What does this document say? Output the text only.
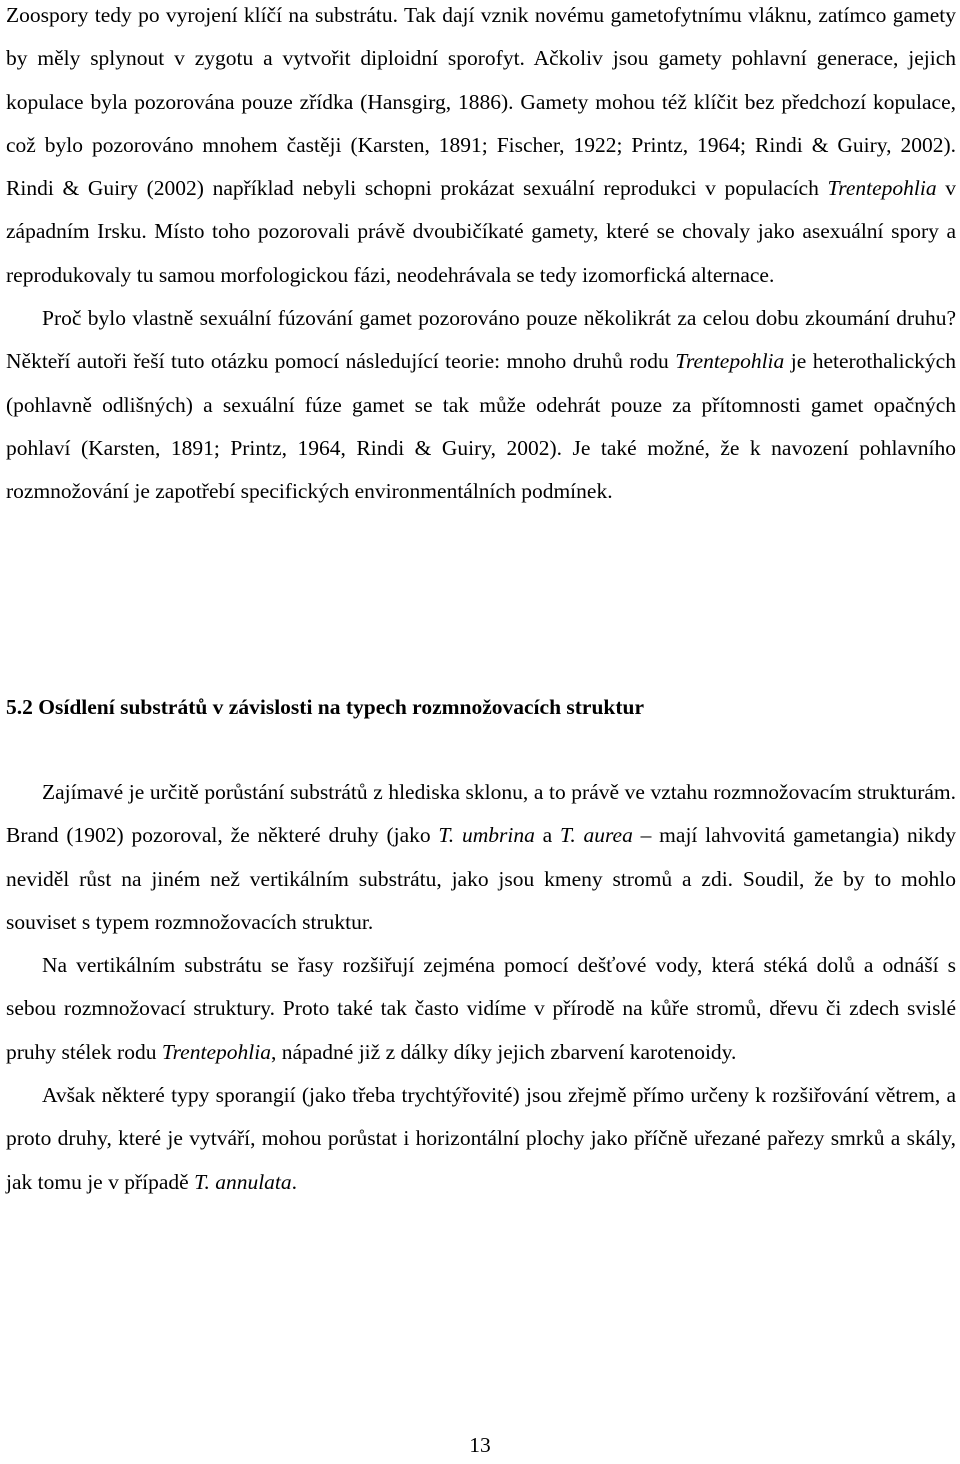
Zoospory tedy po vyrojení klíčí na substrátu. Tak dají vznik novému gametofytnímu vláknu, zatímco gamety by měly splynout v zygotu a vytvořit diploidní sporofyt. Ačkoliv jsou gamety pohlavní generace, jejich kopulace byla pozorována pouze zřídka (Hansgirg, 1886). Gamety mohou též klíčit bez předchozí kopulace, což bylo pozorováno mnohem častěji (Karsten, 1891; Fischer, 1922; Printz, 1964; Rindi & Guiry, 2002). Rindi & Guiry (2002) například nebyli schopni prokázat sexuální reprodukci v populacích Trentepohlia v západním Irsku. Místo toho pozorovali právě dvoubičíkaté gamety, které se chovaly jako asexuální spory a reprodukovaly tu samou morfologickou fázi, neodehrávala se tedy izomorfická alternace.

Proč bylo vlastně sexuální fúzování gamet pozorováno pouze několikrát za celou dobu zkoumání druhu? Někteří autoři řeší tuto otázku pomocí následující teorie: mnoho druhů rodu Trentepohlia je heterothalických (pohlavně odlišných) a sexuální fúze gamet se tak může odehrát pouze za přítomnosti gamet opačných pohlaví (Karsten, 1891; Printz, 1964, Rindi & Guiry, 2002). Je také možné, že k navození pohlavního rozmnožování je zapotřebí specifických environmentálních podmínek.

5.2 Osídlení substrátů v závislosti na typech rozmnožovacích struktur

Zajímavé je určitě porůstání substrátů z hlediska sklonu, a to právě ve vztahu rozmnožovacím strukturám. Brand (1902) pozoroval, že některé druhy (jako T. umbrina a T. aurea – mají lahvovitá gametangia) nikdy neviděl růst na jiném než vertikálním substrátu, jako jsou kmeny stromů a zdi. Soudil, že by to mohlo souviset s typem rozmnožovacích struktur.

Na vertikálním substrátu se řasy rozšiřují zejména pomocí dešťové vody, která stéká dolů a odnáší s sebou rozmnožovací struktury. Proto také tak často vidíme v přírodě na kůře stromů, dřevu či zdech svislé pruhy stélek rodu Trentepohlia, nápadné již z dálky díky jejich zbarvení karotenoidy.

Avšak některé typy sporangií (jako třeba trychtýřovité) jsou zřejmě přímo určeny k rozšiřování větrem, a proto druhy, které je vytváří, mohou porůstat i horizontální plochy jako příčně uřezané pařezy smrků a skály, jak tomu je v případě T. annulata.

13
